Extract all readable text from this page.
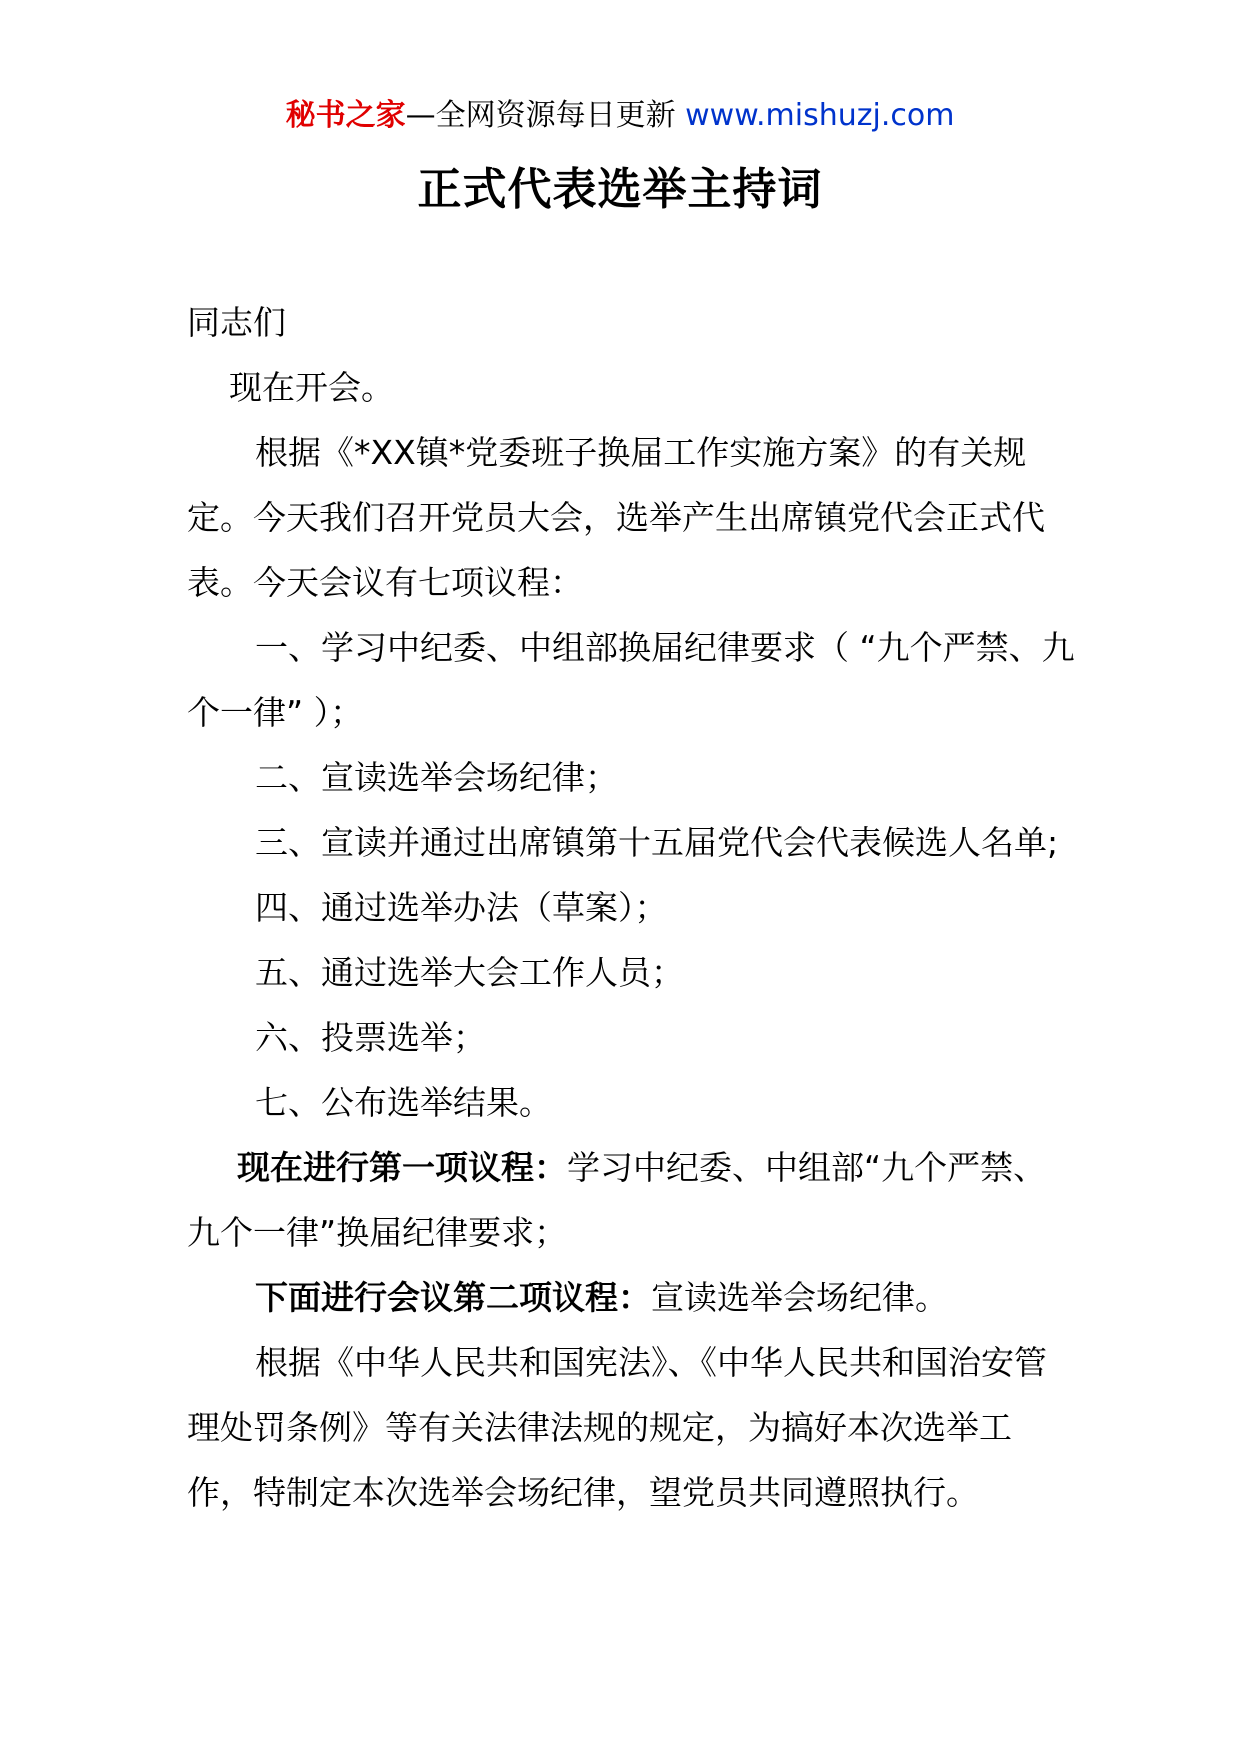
秘书之家—全网资源每日更新 www.mishuzj.com
正式代表选举主持词

同志们

现在开会。

根据《*XX镇*党委班子换届工作实施方案》的有关规定。今天我们召开党员大会，选举产生出席镇党代会正式代表。今天会议有七项议程：

一、学习中纪委、中组部换届纪律要求（ “九个严禁、九个一律” ）；

二、宣读选举会场纪律；

三、宣读并通过出席镇第十五届党代会代表候选人名单;

四、通过选举办法（草案）；

五、通过选举大会工作人员；

六、投票选举；

七、公布选举结果。

现在进行第一项议程：学习中纪委、中组部“九个严禁、九个一律”换届纪律要求；

下面进行会议第二项议程：宣读选举会场纪律。

根据《中华人民共和国宪法》、《中华人民共和国治安管理处罚条例》等有关法律法规的规定，为搞好本次选举工作，特制定本次选举会场纪律，望党员共同遵照执行。
